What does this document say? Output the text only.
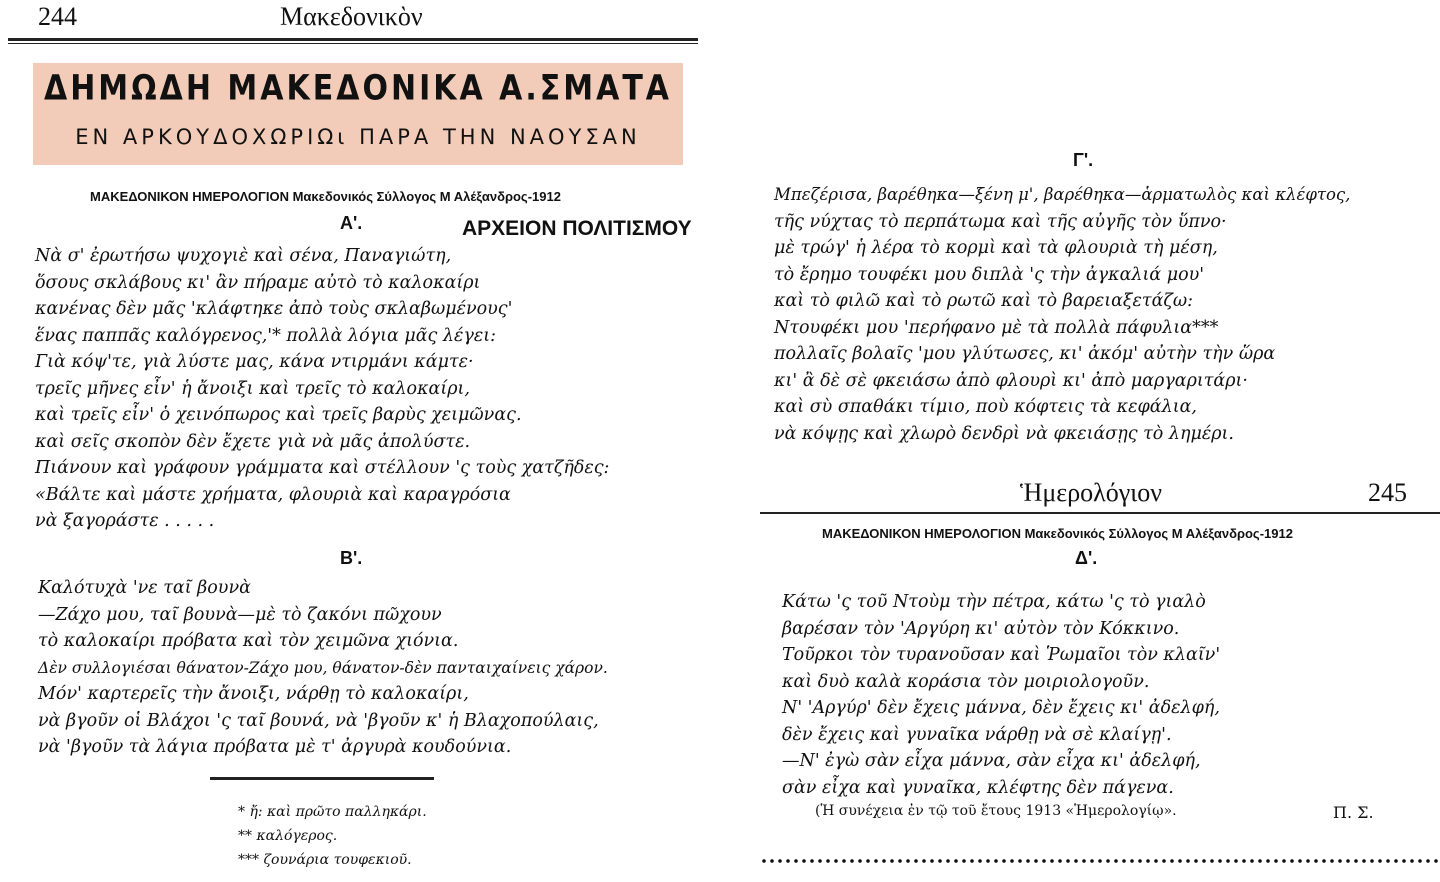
244	Μακεδονικὸν
ΔΗΜΩΔΗ ΜΑΚΕΔΟΝΙΚΑ Α.ΣΜΑΤΑ
ΕΝ ΑΡΚΟΥΔΟΧΩΡΙΩι ΠΑΡΑ ΤΗΝ ΝΑΟΥΣΑΝ
ΜΑΚΕΔΟΝΙΚΟΝ ΗΜΕΡΟΛΟΓΙΟΝ Μακεδονικός Σύλλογος Μ Αλέξανδρος-1912
Α'.
Νὰ σ' ἐρωτήσω ψυχογιὲ καὶ σένα, Παναγιώτη,
ὅσους σκλάβους κι' ἂν πήραμε αὐτὸ τὸ καλοκαίρι
κανένας δὲν μᾶς 'κλάφτηκε ἀπὸ τοὺς σκλαβωμένους'
ἕνας παππᾶς καλόγρενος,'* πολλὰ λόγια μᾶς λέγει:
Γιὰ κόψ'τε, γιὰ λύστε μας, κάνα ντιρμάνι κάμτε·
τρεῖς μῆνες εἶν' ἡ ἄνοιξι καὶ τρεῖς τὸ καλοκαίρι,
καὶ τρεῖς εἶν' ὁ χεινόπωρος καὶ τρεῖς βαρὺς χειμῶνας.
καὶ σεῖς σκοπὸν δὲν ἔχετε γιὰ νὰ μᾶς ἀπολύστε.
Πιάνουν καὶ γράφουν γράμματα καὶ στέλλουν 'ς τοὺς χατζῆδες:
«Βάλτε καὶ μάστε χρήματα, φλουριὰ καὶ καραγρόσια
νὰ ξαγοράστε . . . . .
Β'.
Καλότυχὰ 'νε ταῖ βουνὰ
—Ζάχο μου, ταῖ βουνὰ—μὲ τὸ ζακόνι πῶχουν
τὸ καλοκαίρι πρόβατα καὶ τὸν χειμῶνα χιόνια.
Δὲν συλλογιέσαι θάνατον-Ζάχο μου, θάνατον-δὲν πανταιχαίνεις χάρον.
Μόν' καρτερεῖς τὴν ἄνοιξι, νάρθῃ τὸ καλοκαίρι,
νὰ βγοῦν οἱ Βλάχοι 'ς ταῖ βουνά, νὰ 'βγοῦν κ' ἡ Βλαχοπούλαις,
νὰ 'βγοῦν τὰ λάγια πρόβατα μὲ τ' ἀργυρὰ κουδούνια.
* ἤ: καὶ πρῶτο παλληκάρι.
** καλόγερος.
*** ζουνάρια τουφεκιοῦ.
ΑΡΧΕΙΟΝ ΠΟΛΙΤΙΣΜΟΥ
Γ'.
Μπεζέρισα, βαρέθηκα—ξένη μ', βαρέθηκα—ἁρματωλὸς καὶ κλέφτος,
τῆς νύχτας τὸ περπάτωμα καὶ τῆς αὐγῆς τὸν ὕπνο·
μὲ τρώγ' ἡ λέρα τὸ κορμὶ καὶ τὰ φλουριὰ τὴ μέση,
τὸ ἔρημο τουφέκι μου διπλὰ 'ς τὴν ἀγκαλιά μου'
καὶ τὸ φιλῶ καὶ τὸ ρωτῶ καὶ τὸ βαρειαξετάζω:
Ντουφέκι μου 'περήφανο μὲ τὰ πολλὰ πάφυλια***
πολλαῖς βολαῖς 'μου γλύτωσες, κι' ἀκόμ' αὐτὴν τὴν ὥρα
κι' ἂ δὲ σὲ φκειάσω ἀπὸ φλουρὶ κι' ἀπὸ μαργαριτάρι·
καὶ σὺ σπαθάκι τίμιο, ποὺ κόφτεις τὰ κεφάλια,
νὰ κόψῃς καὶ χλωρὸ δενδρὶ νὰ φκειάσῃς τὸ λημέρι.
Ἡμερολόγιον	245
ΜΑΚΕΔΟΝΙΚΟΝ ΗΜΕΡΟΛΟΓΙΟΝ Μακεδονικός Σύλλογος Μ Αλέξανδρος-1912
Δ'.
Κάτω 'ς τοῦ Ντοὺμ τὴν πέτρα, κάτω 'ς τὸ γιαλὸ
βαρέσαν τὸν 'Αργύρη κι' αὐτὸν τὸν Κόκκινο.
Τοῦρκοι τὸν τυρανοῦσαν καὶ Ῥωμαῖοι τὸν κλαῖν'
καὶ δυὸ καλὰ κοράσια τὸν μοιριολογοῦν.
Ν' 'Αργύρ' δὲν ἔχεις μάννα, δὲν ἔχεις κι' ἀδελφή,
δὲν ἔχεις καὶ γυναῖκα νάρθῃ νὰ σὲ κλαίγῃ'.
—Ν' ἐγὼ σὰν εἶχα μάννα, σὰν εἶχα κι' ἀδελφή,
σὰν εἶχα καὶ γυναῖκα, κλέφτης δὲν πάγενα.
(Ἡ συνέχεια ἐν τῷ τοῦ ἔτους 1913 «Ἡμερολογίῳ».	Π. Σ.
